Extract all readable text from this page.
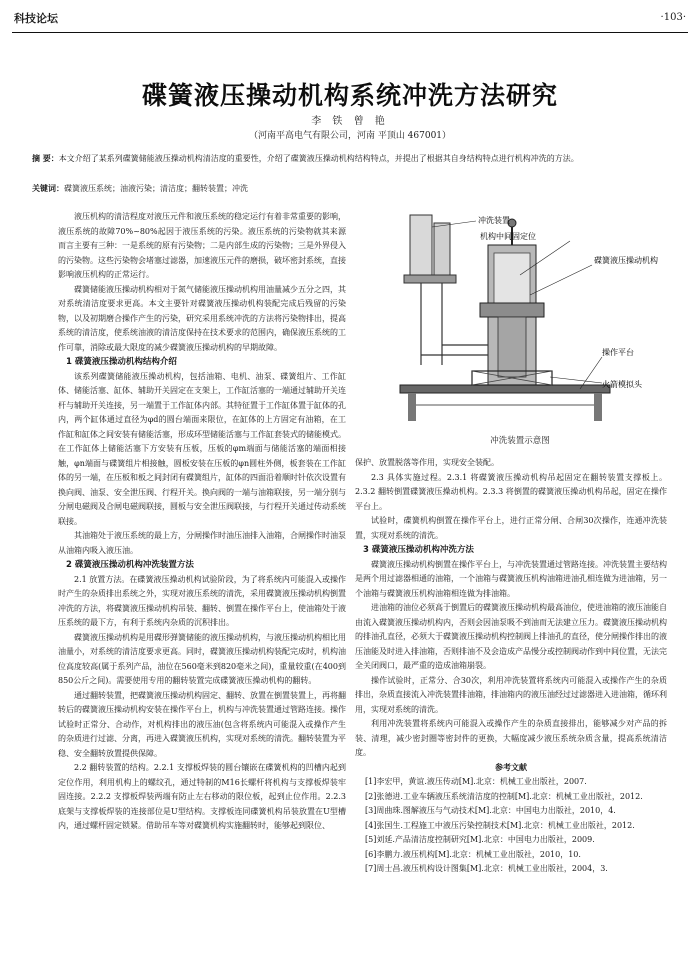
科技论坛	·103·
碟簧液压操动机构系统冲洗方法研究
李 铁 曾 艳
（河南平高电气有限公司，河南 平顶山 467001）
摘 要：本文介绍了某系列碟簧储能液压操动机构清洁度的重要性，介绍了碟簧液压操动机构结构特点，并提出了根据其自身结构特点进行机构冲洗的方法。
关键词：碟簧液压系统；油液污染；清洁度；翻转装置；冲洗

液压机构的清洁程度对液压元件和液压系统的稳定运行有着非常重要的影响，液压系统的故障70%~80%起因于液压系统的污染。液压系统的污染物就其来源而言主要有三种：一是系统的原有污染物；二是内部生成的污染物；三是外界侵入的污染物。这些污染物会堵塞过滤器，加速液压元件的磨损，破坏密封系统，直接影响液压机构的正常运行。

碟簧储能液压操动机构相对于氮气储能液压操动机构用油量减少五分之四，其对系统清洁度要求更高。本文主要针对碟簧液压操动机构装配完成后残留的污染物，以及初期磨合操作产生的污染，研究采用系统冲洗的方法将污染物排出，提高系统的清洁度，使系统油液的清洁度保持在技术要求的范围内，确保液压系统的工作可靠，消除或最大限度的减少碟簧液压操动机构的早期故障。

1 碟簧液压操动机构结构介绍

该系列碟簧储能液压操动机构，包括油箱、电机、油泵、碟簧组片、工作缸体、储能活塞、缸体、辅助开关固定在支架上，工作缸活塞的一端通过辅助开关连杆与辅助开关连接，另一端置于工作缸体内部。其特征置于工作缸体置于缸体的孔内，两个缸体通过直径为φd的圆台端面来限位，在缸体的上方固定有油箱，在工作缸和缸体之间安装有储能活塞，形成环型储能活塞与工作缸套装式的储能模式。在工作缸体上储能活塞下方安装有压板，压板的φm端面与储能活塞的端面相接触，φn端面与碟簧组片相接触，圆板安装在压板的φn圆柱外侧，板套装在工作缸体的另一端，在压板和板之间封闭有碟簧组片，缸体的四面沿着顺时针依次设置有换向阀、油泵、安全泄压阀、行程开关。换向阀的一端与油箱联接，另一端分别与分闸电磁阀及合闸电磁阀联接，圆板与安全泄压阀联接，与行程开关通过传动系统联接。

其油箱处于液压系统的最上方，分闸操作时油压油排入油箱，合闸操作时油泵从油箱内吸入液压油。

2 碟簧液压操动机构冲洗装置方法

2.1 放置方法。在碟簧液压操动机构试验阶段，为了将系统内可能混入或操作时产生的杂质排出系统之外，实现对液压系统的清洗，采用碟簧液压操动机构倒置冲洗的方法，将碟簧液压操动机构吊装、翻转、倒置在操作平台上，使油箱处于液压系统的最下方，有利于系统内杂质的沉积排出。

碟簧液压操动机构是用碟形弹簧储能的液压操动机构，与液压操动机构相比用油量小，对系统的清洁度要求更高。同时，碟簧液压操动机构装配完成时，机构油位高度较高(属于系列产品，油位在560毫米到820毫米之间)，重量较重(在400到850公斤之间)。需要使用专用的翻转装置完成碟簧液压操动机构的翻转。

通过翻转装置，把碟簧液压操动机构固定、翻转、放置在倒置装置上，再将翻转后的碟簧液压操动机构安装在操作平台上，机构与冲洗装置通过管路连接。操作试验时正常分、合动作，对机构排出的液压油(包含将系统内可能混入或操作产生的杂质进行过滤、分离，再进入碟簧液压机构，实现对系统的清洗。翻转装置为平稳、安全翻转放置提供保障。

2.2 翻转装置的结构。2.2.1 支撑板焊装的圆台镶嵌在碟簧机构的凹槽内起到定位作用，利用机构上的螺纹孔，通过特制的M16长螺杆将机构与支撑板焊装牢固连接。2.2.2 支撑板焊装两端有防止左右移动的限位板，起到止位作用。2.2.3 底架与支撑板焊装的连接部位是U型结构。支撑板连同碟簧机构吊装放置在U型槽内，通过螺杆固定锁紧。借助吊车等对碟簧机构实施翻转时，能够起到限位、

冲洗装置
机构中间固定位
碟簧液压操动机构
操作平台
火箭模拟头
冲洗装置示意图

保护、放置脱落等作用，实现安全装配。

2.3 具体实施过程。2.3.1 将碟簧液压操动机构吊起固定在翻转装置支撑板上。2.3.2 翻转倒置碟簧液压操动机构。2.3.3 将倒置的碟簧液压操动机构吊起，固定在操作平台上。

试验时，碟簧机构倒置在操作平台上，进行正常分闸、合闸30次操作，连通冲洗装置，实现对系统的清洗。

3 碟簧液压操动机构冲洗方法

碟簧液压操动机构倒置在操作平台上，与冲洗装置通过管路连接。冲洗装置主要结构是两个用过滤器相通的油箱，一个油箱与碟簧液压机构油箱进油孔相连做为进油箱，另一个油箱与碟簧液压机构油箱相连做为排油箱。

进油箱的油位必须高于倒置后的碟簧液压操动机构最高油位，使进油箱的液压油能自由流入碟簧液压操动机构内，否则会因油泵吸不到油而无法建立压力。碟簧液压操动机构的排油孔直径，必须大于碟簧液压操动机构控制阀上排油孔的直径，使分闸操作排出的液压油能及时进入排油箱，否则排油不及会造成产品慢分或控制阀动作到中间位置，无法完全关闭阀口，最严重的造成油箱崩裂。

操作试验时，正常分、合30次，利用冲洗装置将系统内可能混入或操作产生的杂质排出，杂质直接流入冲洗装置排油箱，排油箱内的液压油经过过滤器进入进油箱，循环利用，实现对系统的清洗。

利用冲洗装置将系统内可能混入或操作产生的杂质直接排出，能够减少对产品的拆装、清理，减少密封圈等密封件的更换，大幅度减少液压系统杂质含量，提高系统清洁度。

参考文献

[1]李宏甲，黄谊.液压传动[M].北京：机械工业出版社，2007.

[2]张德进.工业车辆液压系统清洁度的控制[M].北京：机械工业出版社，2012.

[3]周曲珠.图解液压与气动技术[M].北京：中国电力出版社，2010，4.

[4]张国生.工程施工中液压污染控制技术[M].北京：机械工业出版社，2012.

[5]刘延.产品清洁度控制研究[M].北京：中国电力出版社，2009.

[6]李鹏力.液压机构[M].北京：机械工业出版社，2010，10.

[7]周士昌.液压机构设计图集[M].北京：机械工业出版社，2004，3.
